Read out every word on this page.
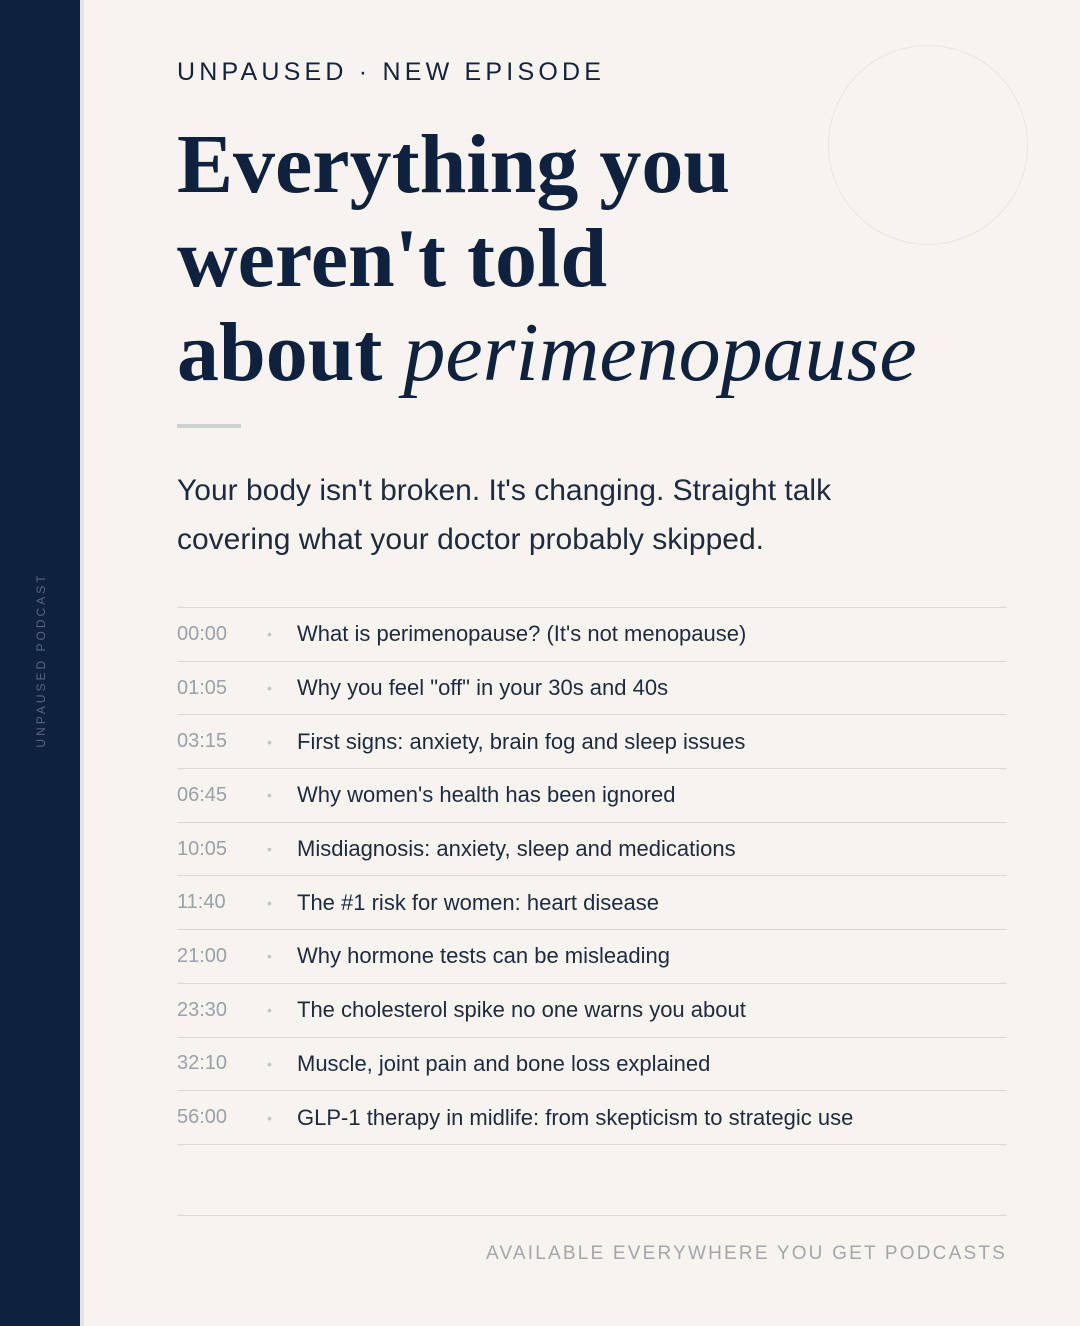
UNPAUSED PODCAST
UNPAUSED · NEW EPISODE
Everything you
weren't told
about perimenopause

Your body isn't broken. It's changing. Straight talk covering what your doctor probably skipped.

00:00	•	What is perimenopause? (It's not menopause)
01:05	•	Why you feel "off" in your 30s and 40s
03:15	•	First signs: anxiety, brain fog and sleep issues
06:45	•	Why women's health has been ignored
10:05	•	Misdiagnosis: anxiety, sleep and medications
11:40	•	The #1 risk for women: heart disease
21:00	•	Why hormone tests can be misleading
23:30	•	The cholesterol spike no one warns you about
32:10	•	Muscle, joint pain and bone loss explained
56:00	•	GLP-1 therapy in midlife: from skepticism to strategic use
AVAILABLE EVERYWHERE YOU GET PODCASTS
